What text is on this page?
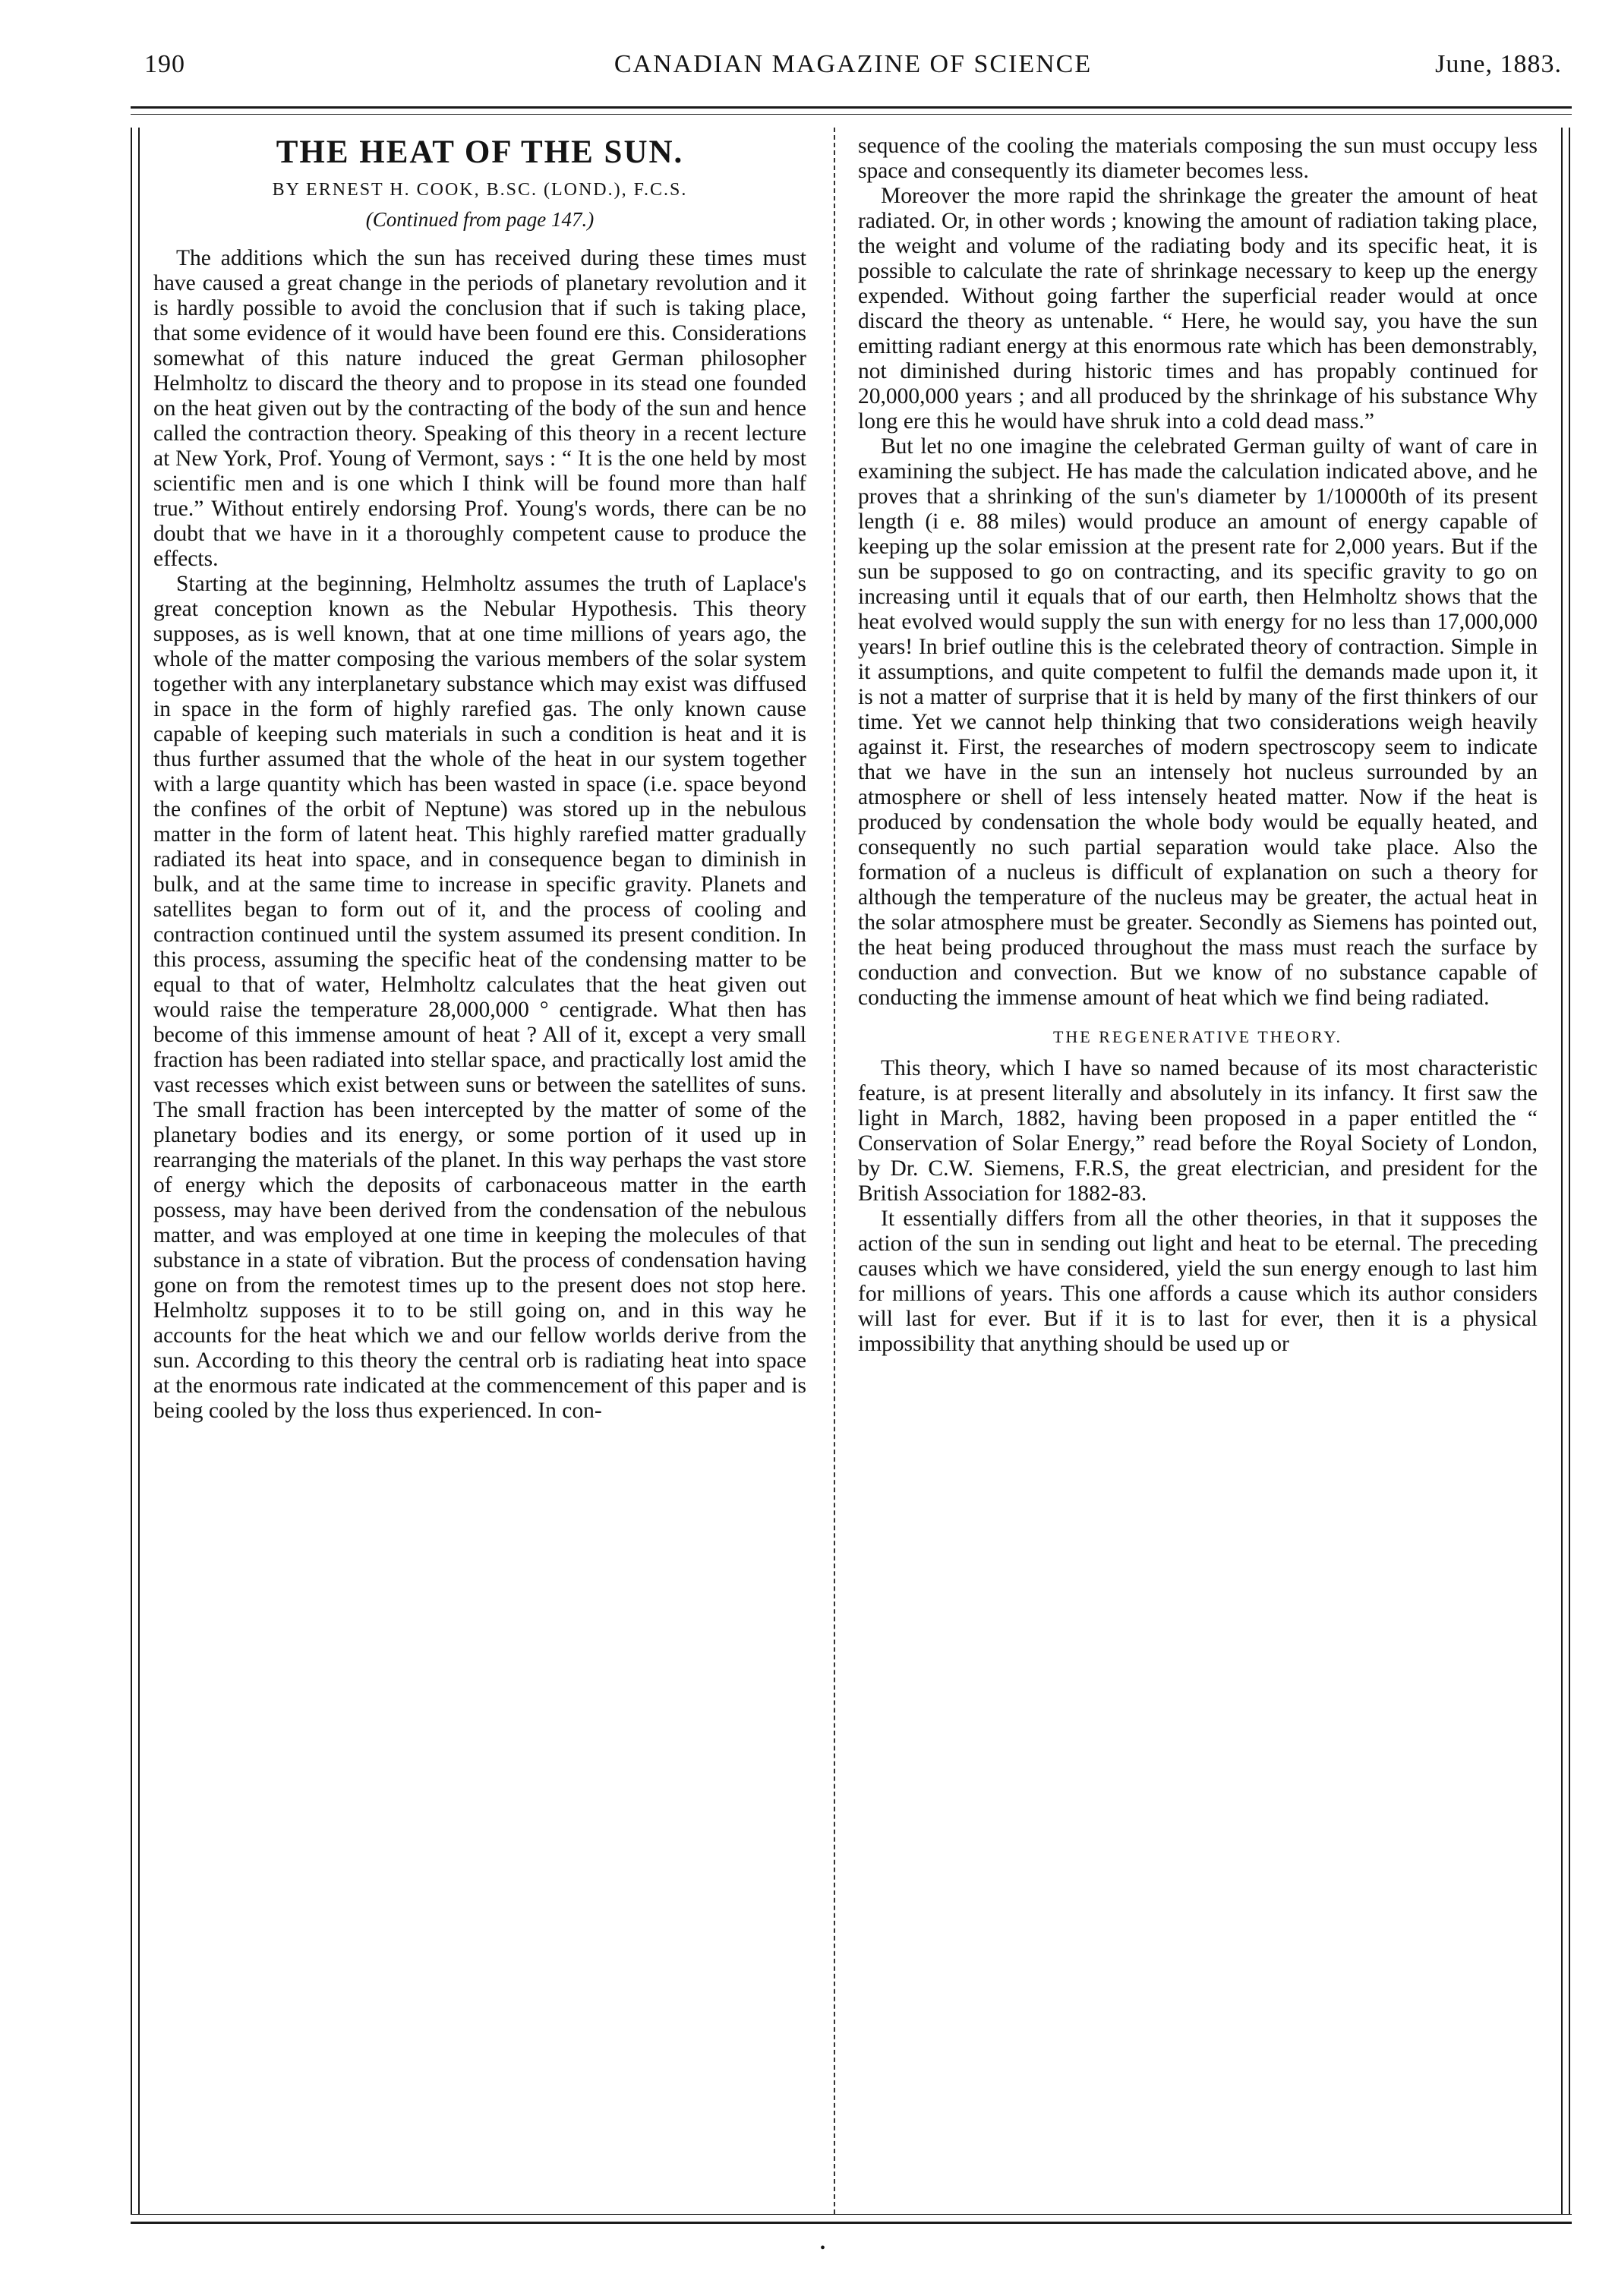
190	CANADIAN MAGAZINE OF SCIENCE	June, 1883.
THE HEAT OF THE SUN.
BY ERNEST H. COOK, B.SC. (LOND.), F.C.S.
(Continued from page 147.)

The additions which the sun has received during these times must have caused a great change in the periods of planetary revolution and it is hardly possible to avoid the conclusion that if such is taking place, that some evidence of it would have been found ere this. Considerations somewhat of this nature induced the great German philosopher Helmholtz to discard the theory and to propose in its stead one founded on the heat given out by the contracting of the body of the sun and hence called the contraction theory. Speaking of this theory in a recent lecture at New York, Prof. Young of Vermont, says : “ It is the one held by most scientific men and is one which I think will be found more than half true.” Without entirely endorsing Prof. Young's words, there can be no doubt that we have in it a thoroughly competent cause to produce the effects.

Starting at the beginning, Helmholtz assumes the truth of Laplace's great conception known as the Nebular Hypothesis. This theory supposes, as is well known, that at one time millions of years ago, the whole of the matter composing the various members of the solar system together with any interplanetary substance which may exist was diffused in space in the form of highly rarefied gas. The only known cause capable of keeping such materials in such a condition is heat and it is thus further assumed that the whole of the heat in our system together with a large quantity which has been wasted in space (i.e. space beyond the confines of the orbit of Neptune) was stored up in the nebulous matter in the form of latent heat. This highly rarefied matter gradually radiated its heat into space, and in consequence began to diminish in bulk, and at the same time to increase in specific gravity. Planets and satellites began to form out of it, and the process of cooling and contraction continued until the system assumed its present condition. In this process, assuming the specific heat of the condensing matter to be equal to that of water, Helmholtz calculates that the heat given out would raise the temperature 28,000,000 ° centigrade. What then has become of this immense amount of heat ? All of it, except a very small fraction has been radiated into stellar space, and practically lost amid the vast recesses which exist between suns or between the satellites of suns. The small fraction has been intercepted by the matter of some of the planetary bodies and its energy, or some portion of it used up in rearranging the materials of the planet. In this way perhaps the vast store of energy which the deposits of carbonaceous matter in the earth possess, may have been derived from the condensation of the nebulous matter, and was employed at one time in keeping the molecules of that substance in a state of vibration. But the process of condensation having gone on from the remotest times up to the present does not stop here. Helmholtz supposes it to to be still going on, and in this way he accounts for the heat which we and our fellow worlds derive from the sun. According to this theory the central orb is radiating heat into space at the enormous rate indicated at the commencement of this paper and is being cooled by the loss thus experienced. In con-

sequence of the cooling the materials composing the sun must occupy less space and consequently its diameter becomes less.

Moreover the more rapid the shrinkage the greater the amount of heat radiated. Or, in other words ; knowing the amount of radiation taking place, the weight and volume of the radiating body and its specific heat, it is possible to calculate the rate of shrinkage necessary to keep up the energy expended. Without going farther the superficial reader would at once discard the theory as untenable. “ Here, he would say, you have the sun emitting radiant energy at this enormous rate which has been demonstrably, not diminished during historic times and has propably continued for 20,000,000 years ; and all produced by the shrinkage of his substance Why long ere this he would have shruk into a cold dead mass.”

But let no one imagine the celebrated German guilty of want of care in examining the subject. He has made the calculation indicated above, and he proves that a shrinking of the sun's diameter by 1/10000th of its present length (i e. 88 miles) would produce an amount of energy capable of keeping up the solar emission at the present rate for 2,000 years. But if the sun be supposed to go on contracting, and its specific gravity to go on increasing until it equals that of our earth, then Helmholtz shows that the heat evolved would supply the sun with energy for no less than 17,000,000 years! In brief outline this is the celebrated theory of contraction. Simple in it assumptions, and quite competent to fulfil the demands made upon it, it is not a matter of surprise that it is held by many of the first thinkers of our time. Yet we cannot help thinking that two considerations weigh heavily against it. First, the researches of modern spectroscopy seem to indicate that we have in the sun an intensely hot nucleus surrounded by an atmosphere or shell of less intensely heated matter. Now if the heat is produced by condensation the whole body would be equally heated, and consequently no such partial separation would take place. Also the formation of a nucleus is difficult of explanation on such a theory for although the temperature of the nucleus may be greater, the actual heat in the solar atmosphere must be greater. Secondly as Siemens has pointed out, the heat being produced throughout the mass must reach the surface by conduction and convection. But we know of no substance capable of conducting the immense amount of heat which we find being radiated.

THE REGENERATIVE THEORY.

This theory, which I have so named because of its most characteristic feature, is at present literally and absolutely in its infancy. It first saw the light in March, 1882, having been proposed in a paper entitled the “ Conservation of Solar Energy,” read before the Royal Society of London, by Dr. C.W. Siemens, F.R.S, the great electrician, and president for the British Association for 1882-83.

It essentially differs from all the other theories, in that it supposes the action of the sun in sending out light and heat to be eternal. The preceding causes which we have considered, yield the sun energy enough to last him for millions of years. This one affords a cause which its author considers will last for ever. But if it is to last for ever, then it is a physical impossibility that anything should be used up or

•
